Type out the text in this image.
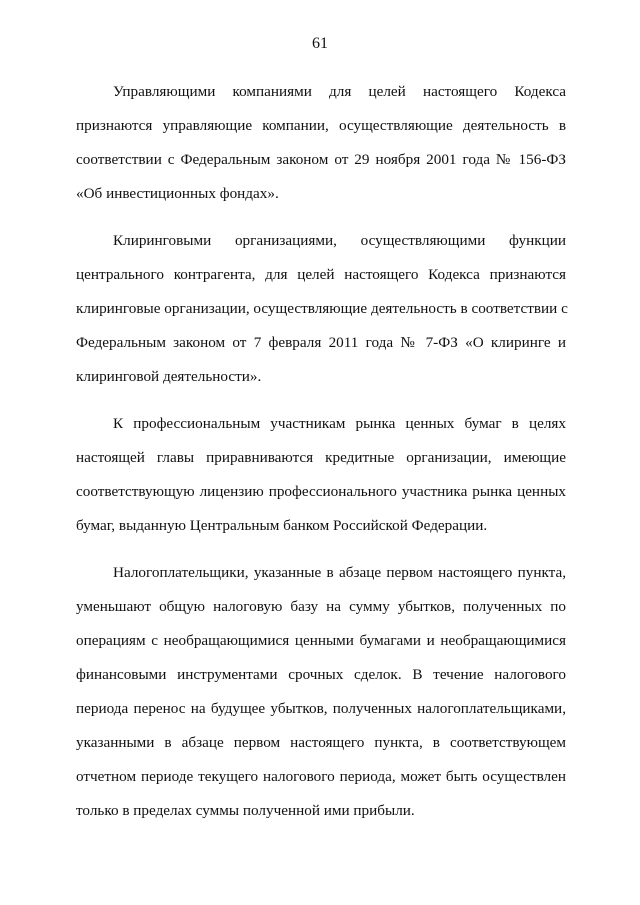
61
Управляющими компаниями для целей настоящего Кодекса
признаются управляющие компании, осуществляющие деятельность в
соответствии с Федеральным законом от 29 ноября 2001 года № 156-ФЗ
«Об инвестиционных фондах».
Клиринговыми организациями, осуществляющими функции
центрального контрагента, для целей настоящего Кодекса признаются
клиринговые организации, осуществляющие деятельность в соответствии с
Федеральным законом от 7 февраля 2011 года № 7-ФЗ «О клиринге и
клиринговой деятельности».
К профессиональным участникам рынка ценных бумаг в целях
настоящей главы приравниваются кредитные организации, имеющие
соответствующую лицензию профессионального участника рынка ценных
бумаг, выданную Центральным банком Российской Федерации.
Налогоплательщики, указанные в абзаце первом настоящего пункта,
уменьшают общую налоговую базу на сумму убытков, полученных по
операциям с необращающимися ценными бумагами и необращающимися
финансовыми инструментами срочных сделок. В течение налогового
периода перенос на будущее убытков, полученных налогоплательщиками,
указанными в абзаце первом настоящего пункта, в соответствующем
отчетном периоде текущего налогового периода, может быть осуществлен
только в пределах суммы полученной ими прибыли.
